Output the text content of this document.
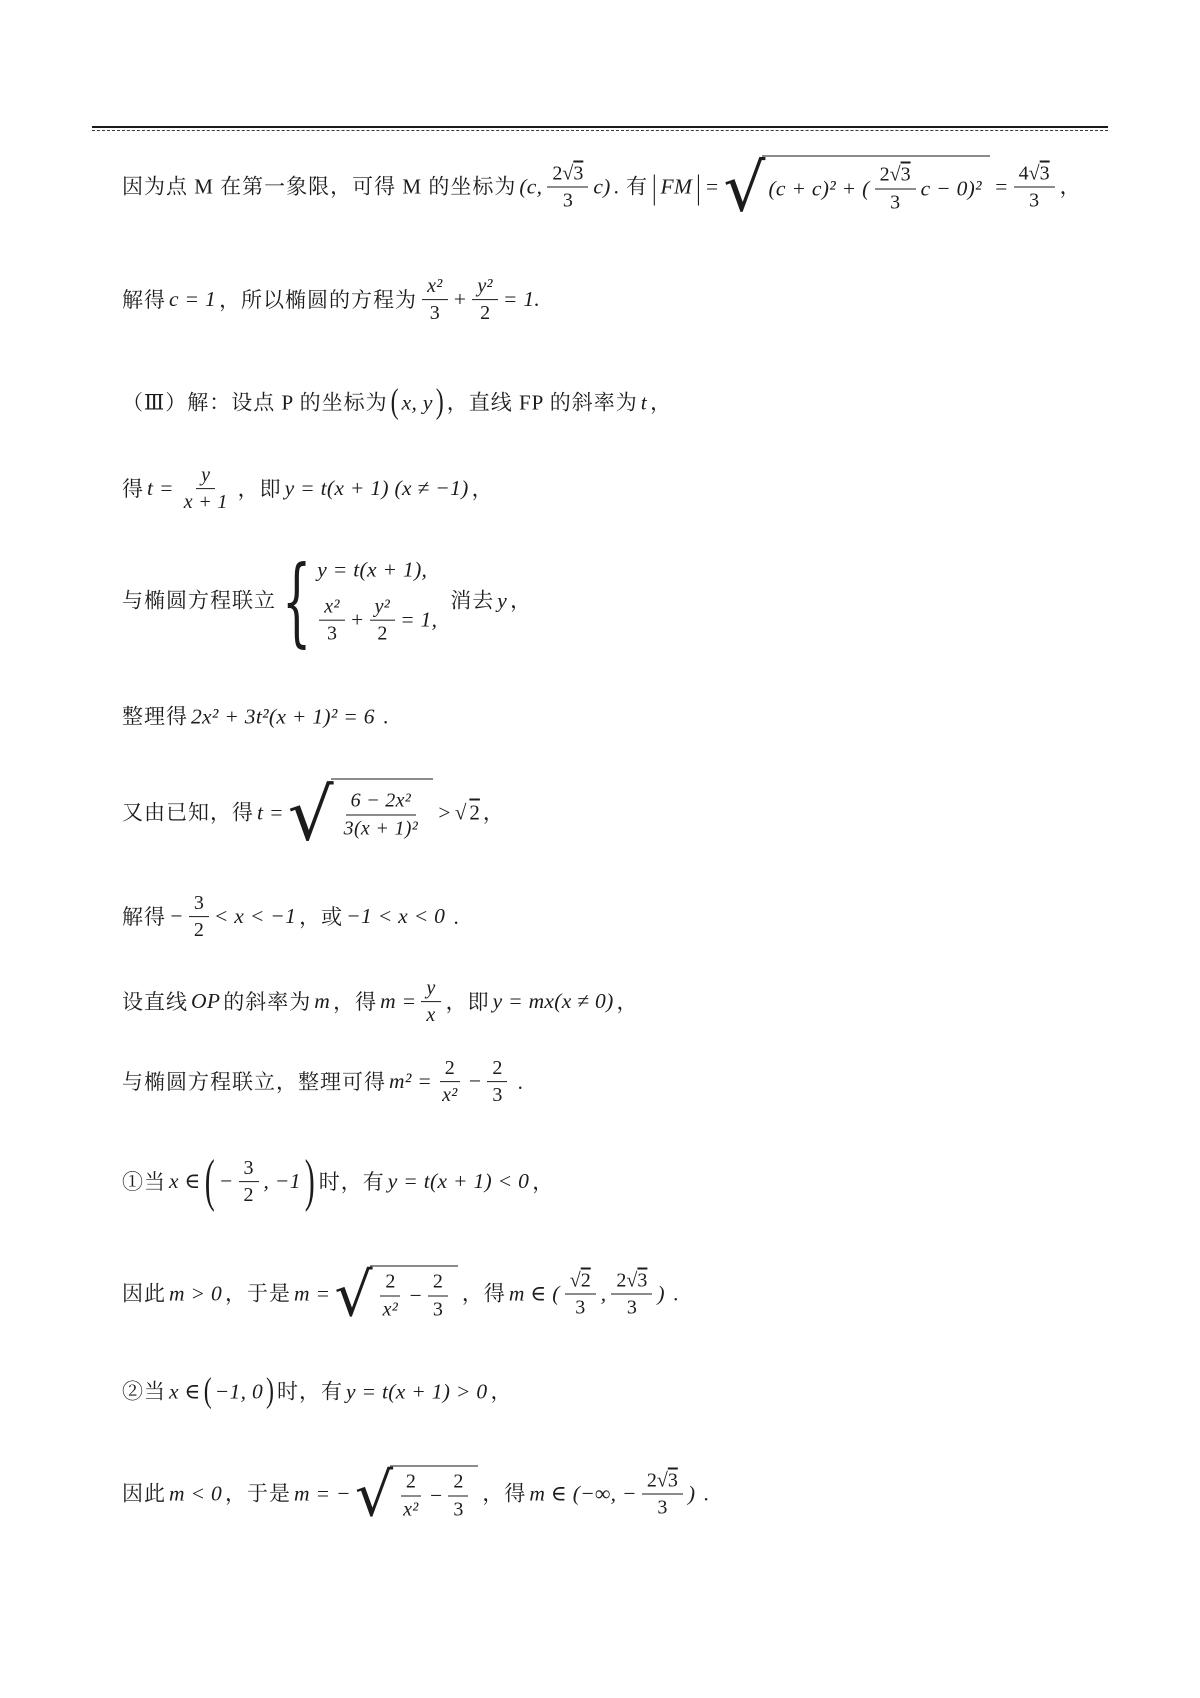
因为点 M 在第一象限，可得 M 的坐标为 (c, $\frac{2√ 3}{3} c$) . 有 | FM | = √ (c + c)² + ( $\frac{2√ 3}{3}$ $c - 0)^2 = \frac{4√ 3}{3}$ ，
解得 c = 1 ，所以椭圆的方程为 $\frac{\text{x²}}{3} + \frac{\text{y²}}{2} = 1$.
（Ⅲ）解：设点 P 的坐标为 ( x, y ) ，直线 FP 的斜率为 t ，
得 $t = \frac{y}{x + 1}$ ，即 y = t(x + 1) (x ≠ −1) ，
与椭圆方程联立 { y = t(x + 1),
$\frac{\text{x²}}{3} + \frac{\text{y²}}{2} = 1$,
消去 y ，
整理得 2x² + 3t²(x + 1)² = 6 .
又由已知，得 t = √ $\frac{\text{6 − 2x²}}{\text{3(x + 1)²}}$ > √ 2 ，
解得 − $\frac{3}{2} < x < -1$ ，或 −1 < x < 0 .
设直线 OP 的斜率为 m ，得 $m = \frac{y}{x}$ ，即 y = mx(x ≠ 0) ，
与椭圆方程联立，整理可得 $m^2 = \frac{2}{\text{x²}} - \frac{2}{3}$ .
①当 x ∈ ( − $\frac{3}{2}$ , −1 ) 时，有 y = t(x + 1) < 0 ，
因此 m > 0 ，于是 m = √ $\frac{2}{\text{x²}} - \frac{2}{3}$ ，得 m ∈ ( $\frac{√ 2}{3}$ , $\frac{2√ 3}{3}$ ) .
②当 x ∈ ( −1, 0 ) 时，有 y = t(x + 1) > 0 ，
因此 m < 0 ，于是 m = − √ $\frac{2}{\text{x²}} - \frac{2}{3}$ ，得 m ∈ (−∞, − $\frac{2√ 3}{3}$ ) .
